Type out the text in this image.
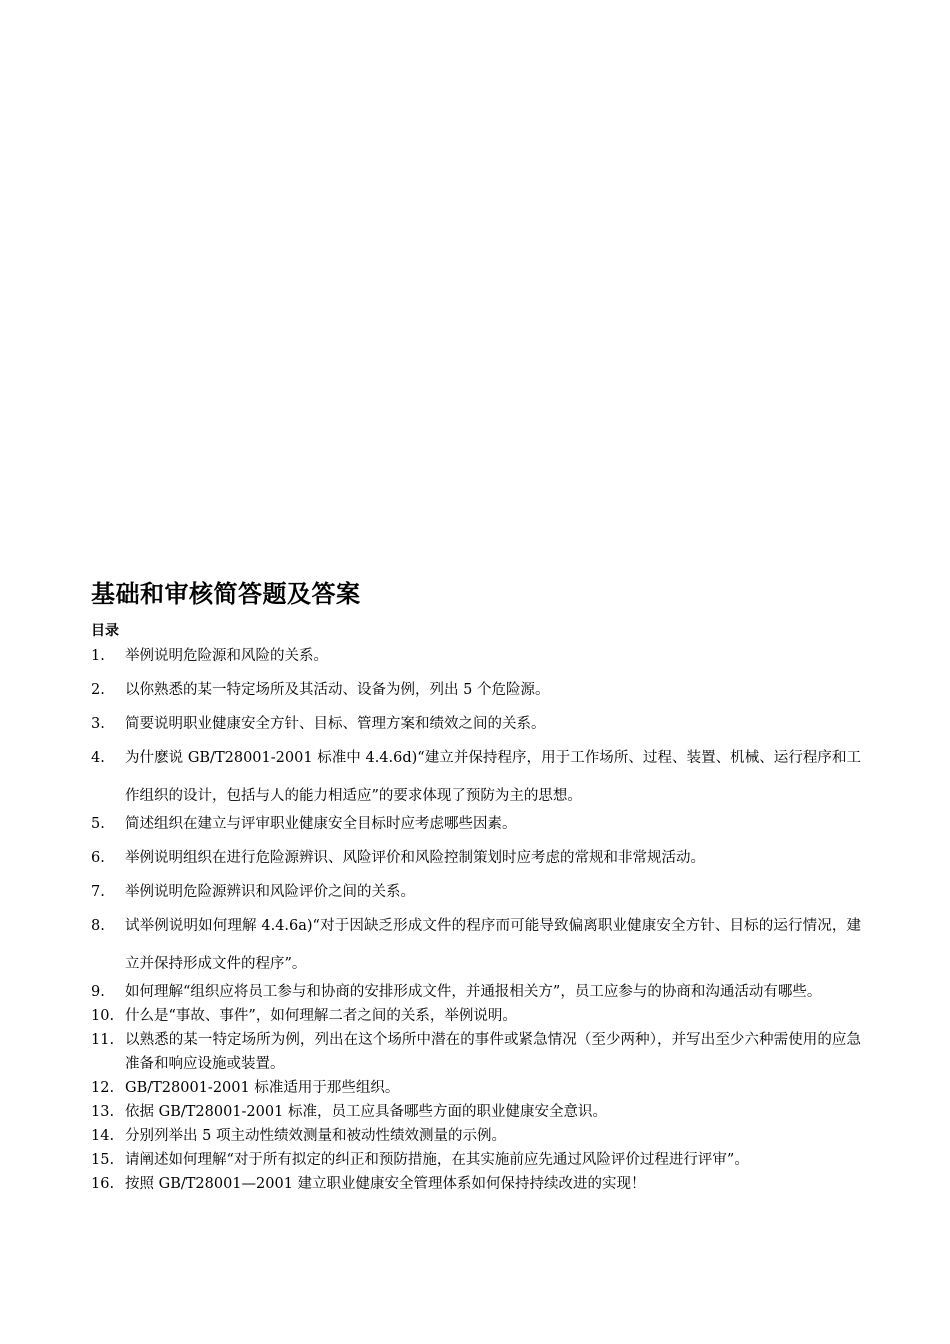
基础和审核简答题及答案
目录
1.	举例说明危险源和风险的关系。
2.	以你熟悉的某一特定场所及其活动、设备为例，列出 5 个危险源。
3.	简要说明职业健康安全方针、目标、管理方案和绩效之间的关系。
4.	为什麽说 GB/T28001-2001 标准中 4.4.6d)“建立并保持程序，用于工作场所、过程、装置、机械、运行程序和工作组织的设计，包括与人的能力相适应”的要求体现了预防为主的思想。
5.	简述组织在建立与评审职业健康安全目标时应考虑哪些因素。
6.	举例说明组织在进行危险源辨识、风险评价和风险控制策划时应考虑的常规和非常规活动。
7.	举例说明危险源辨识和风险评价之间的关系。
8.	试举例说明如何理解 4.4.6a)“对于因缺乏形成文件的程序而可能导致偏离职业健康安全方针、目标的运行情况，建立并保持形成文件的程序”。
9.	如何理解“组织应将员工参与和协商的安排形成文件，并通报相关方”，员工应参与的协商和沟通活动有哪些。
10. 什么是“事故、事件”，如何理解二者之间的关系，举例说明。
11. 以熟悉的某一特定场所为例，列出在这个场所中潜在的事件或紧急情况（至少两种），并写出至少六种需使用的应急准备和响应设施或装置。
12. GB/T28001-2001 标准适用于那些组织。
13. 依据 GB/T28001-2001 标准，员工应具备哪些方面的职业健康安全意识。
14. 分别列举出 5 项主动性绩效测量和被动性绩效测量的示例。
15. 请阐述如何理解“对于所有拟定的纠正和预防措施，在其实施前应先通过风险评价过程进行评审”。
16. 按照 GB/T28001—2001 建立职业健康安全管理体系如何保持持续改进的实现！
